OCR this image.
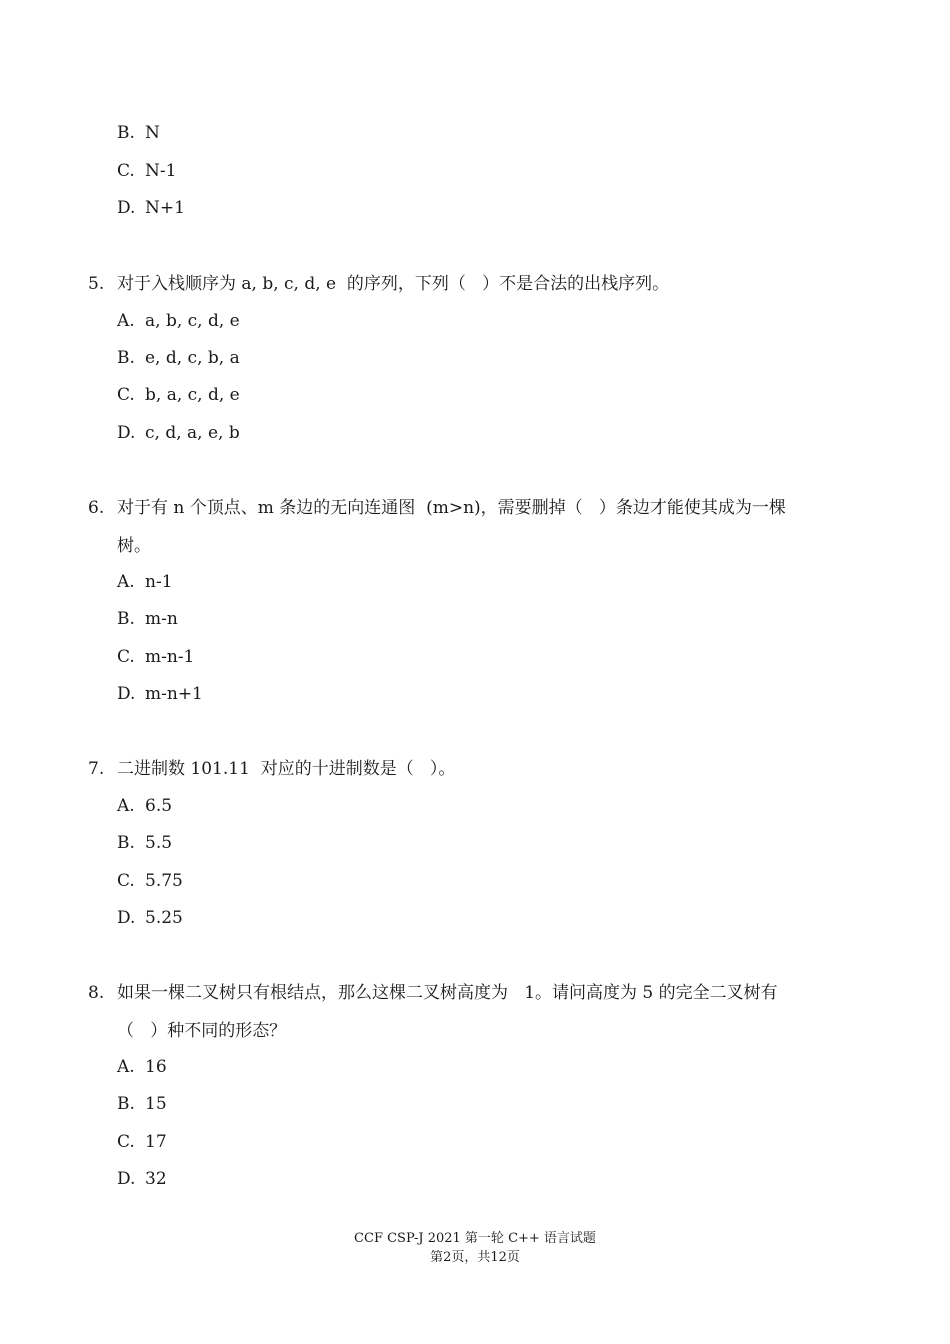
B. N
C. N-1
D. N+1
5. 对于入栈顺序为 a, b, c, d, e  的序列，下列（   ）不是合法的出栈序列。
A. a, b, c, d, e
B. e, d, c, b, a
C. b, a, c, d, e
D. c, d, a, e, b
6. 对于有 n 个顶点、m 条边的无向连通图  (m>n)，需要删掉（   ）条边才能使其成为一棵
树。
A. n-1
B. m-n
C. m-n-1
D. m-n+1
7. 二进制数 101.11  对应的十进制数是（   ）。
A. 6.5
B. 5.5
C. 5.75
D. 5.25
8. 如果一棵二叉树只有根结点，那么这棵二叉树高度为   1。请问高度为 5 的完全二叉树有
（   ）种不同的形态？
A. 16
B. 15
C. 17
D. 32
CCF CSP-J 2021 第一轮 C++ 语言试题
第2页，共12页
